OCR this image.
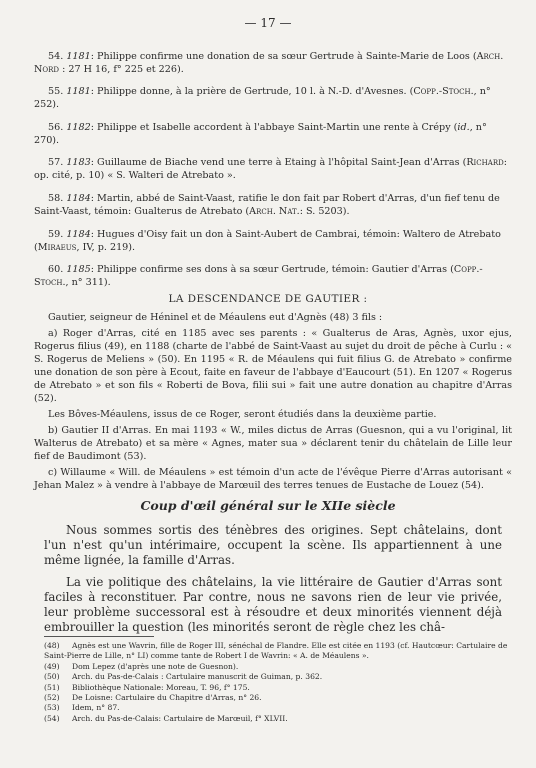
— 17 —

54. 1181: Philippe confirme une donation de sa sœur Gertrude à Sainte-Marie de Loos (Arch. Nord : 27 H 16, f° 225 et 226).

55. 1181: Philippe donne, à la prière de Gertrude, 10 l. à N.-D. d'Avesnes. (Copp.-Stoch., n° 252).

56. 1182: Philippe et Isabelle accordent à l'abbaye Saint-Martin une rente à Crépy (id., n° 270).

57. 1183: Guillaume de Biache vend une terre à Etaing à l'hôpital Saint-Jean d'Arras (Richard: op. cité, p. 10) « S. Walteri de Atrebato ».

58. 1184: Martin, abbé de Saint-Vaast, ratifie le don fait par Robert d'Arras, d'un fief tenu de Saint-Vaast, témoin: Gualterus de Atrebato (Arch. Nat.: S. 5203).

59. 1184: Hugues d'Oisy fait un don à Saint-Aubert de Cambrai, témoin: Waltero de Atrebato (Miraeus, IV, p. 219).

60. 1185: Philippe confirme ses dons à sa sœur Gertrude, témoin: Gautier d'Arras (Copp.-Stoch., n° 311).

LA DESCENDANCE DE GAUTIER :

Gautier, seigneur de Héninel et de Méaulens eut d'Agnès (48) 3 fils :

a) Roger d'Arras, cité en 1185 avec ses parents : « Gualterus de Aras, Agnès, uxor ejus, Rogerus filius (49), en 1188 (charte de l'abbé de Saint-Vaast au sujet du droit de pêche à Curlu : « S. Rogerus de Meliens » (50). En 1195 « R. de Méaulens qui fuit filius G. de Atrebato » confirme une donation de son père à Ecout, faite en faveur de l'abbaye d'Eaucourt (51). En 1207 « Rogerus de Atrebato » et son fils « Roberti de Bova, filii sui » fait une autre donation au chapitre d'Arras (52).

Les Bôves-Méaulens, issus de ce Roger, seront étudiés dans la deuxième partie.

b) Gautier II d'Arras. En mai 1193 « W., miles dictus de Arras (Guesnon, qui a vu l'original, lit Walterus de Atrebato) et sa mère « Agnes, mater sua » déclarent tenir du châtelain de Lille leur fief de Baudimont (53).

c) Willaume « Will. de Méaulens » est témoin d'un acte de l'évêque Pierre d'Arras autorisant « Jehan Malez » à vendre à l'abbaye de Marœuil des terres tenues de Eustache de Louez (54).

Coup d'œil général sur le XIIe siècle

Nous sommes sortis des ténèbres des origines. Sept châtelains, dont l'un n'est qu'un intérimaire, occupent la scène. Ils appartiennent à une même lignée, la famille d'Arras.

La vie politique des châtelains, la vie littéraire de Gautier d'Arras sont faciles à reconstituer. Par contre, nous ne savons rien de leur vie privée, leur problème successoral est à résoudre et deux minorités viennent déjà embrouiller la question (les minorités seront de règle chez les châ-

(48) Agnès est une Wavrin, fille de Roger III, sénéchal de Flandre. Elle est citée en 1193 (cf. Hautcœur: Cartulaire de Saint-Pierre de Lille, n° LI) comme tante de Robert I de Wavrin: « A. de Méaulens ».

(49) Dom Lepez (d'après une note de Guesnon).

(50) Arch. du Pas-de-Calais : Cartulaire manuscrit de Guiman, p. 362.

(51) Bibliothèque Nationale: Moreau, T. 96, f° 175.

(52) De Loisne: Cartulaire du Chapitre d'Arras, n° 26.

(53) Idem, n° 87.

(54) Arch. du Pas-de-Calais: Cartulaire de Marœuil, f° XLVII.
